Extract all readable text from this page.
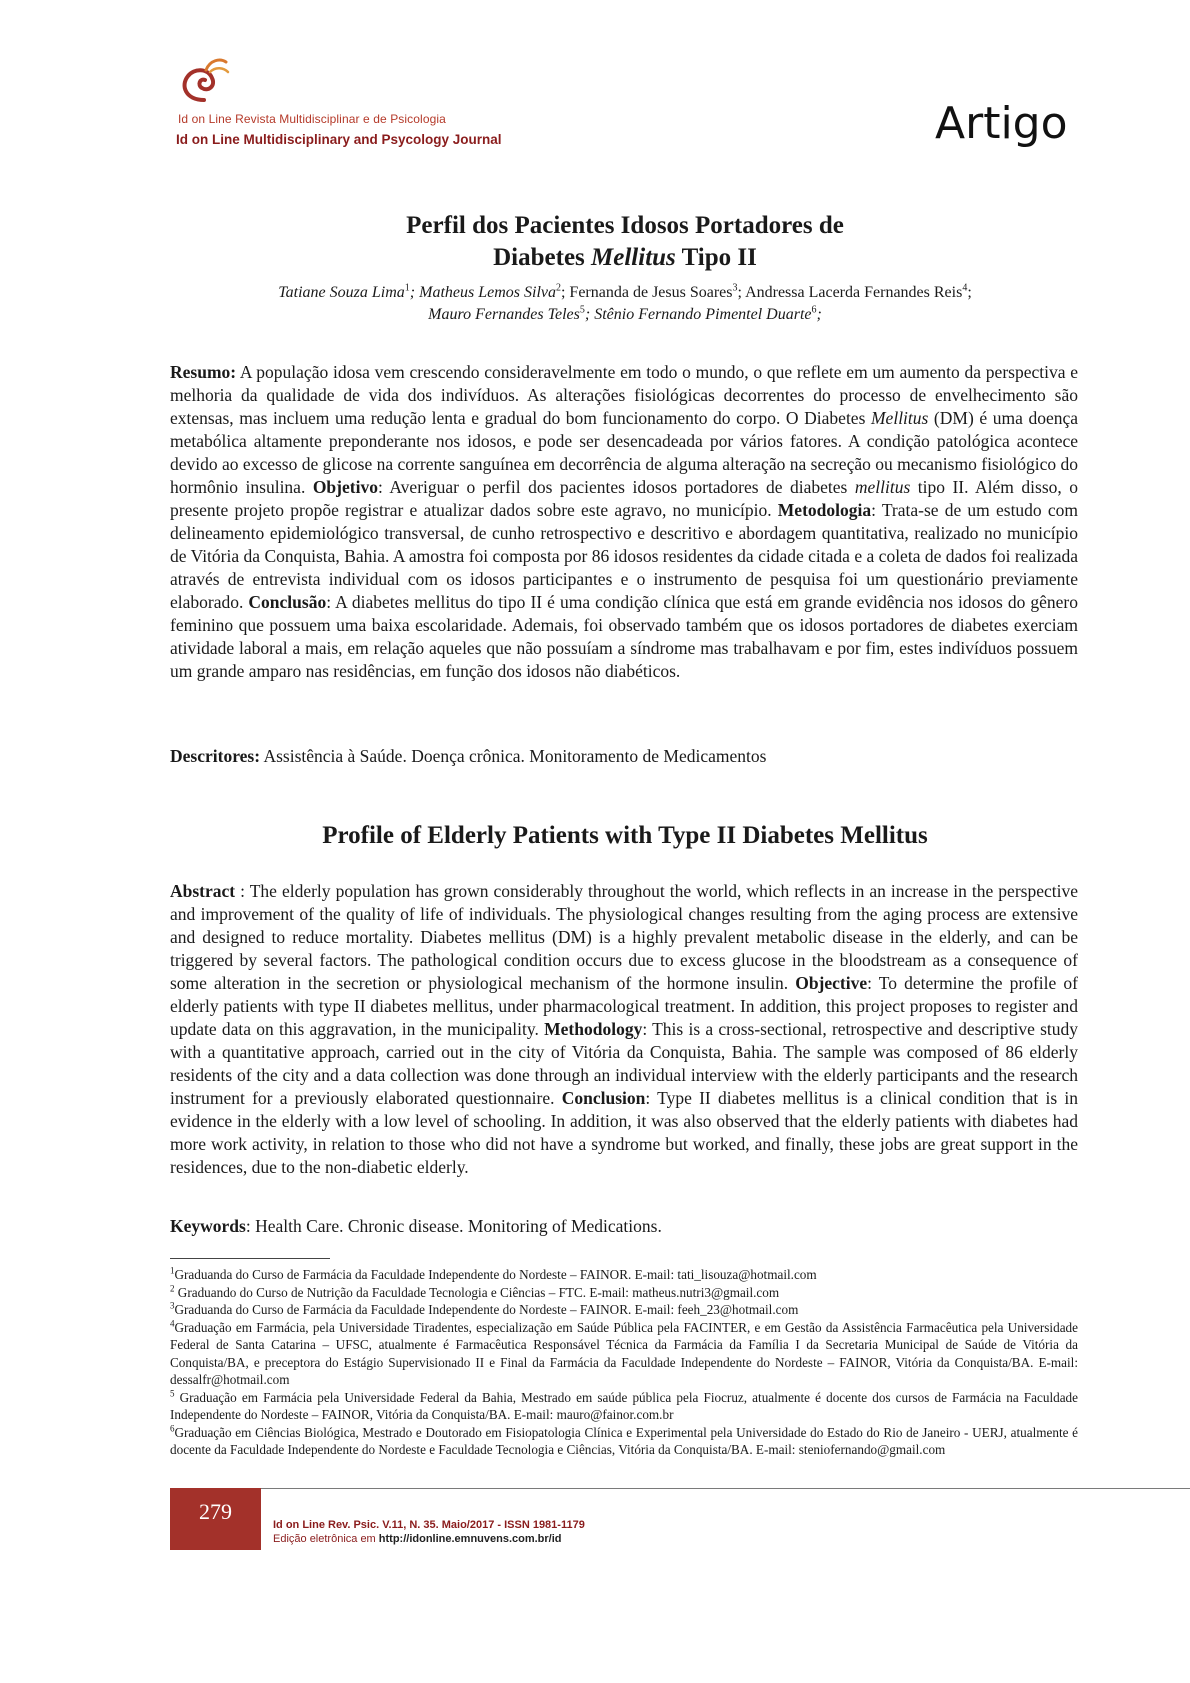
Id on Line Revista Multidisciplinar e de Psicologia
Id on Line Multidisciplinary and Psycology Journal	Artigo
Perfil dos Pacientes Idosos Portadores de
Diabetes Mellitus Tipo II
Tatiane Souza Lima$^1$; Matheus Lemos Silva$^2$; Fernanda de Jesus Soares$^3$; Andressa Lacerda Fernandes Reis$^4$;
Mauro Fernandes Teles$^5$; Stênio Fernando Pimentel Duarte$^6$;
Resumo: A população idosa vem crescendo consideravelmente em todo o mundo, o que reflete em um aumento da perspectiva e melhoria da qualidade de vida dos indivíduos. As alterações fisiológicas decorrentes do processo de envelhecimento são extensas, mas incluem uma redução lenta e gradual do bom funcionamento do corpo. O Diabetes Mellitus (DM) é uma doença metabólica altamente preponderante nos idosos, e pode ser desencadeada por vários fatores. A condição patológica acontece devido ao excesso de glicose na corrente sanguínea em decorrência de alguma alteração na secreção ou mecanismo fisiológico do hormônio insulina. Objetivo: Averiguar o perfil dos pacientes idosos portadores de diabetes mellitus tipo II. Além disso, o presente projeto propõe registrar e atualizar dados sobre este agravo, no município. Metodologia: Trata-se de um estudo com delineamento epidemiológico transversal, de cunho retrospectivo e descritivo e abordagem quantitativa, realizado no município de Vitória da Conquista, Bahia. A amostra foi composta por 86 idosos residentes da cidade citada e a coleta de dados foi realizada através de entrevista individual com os idosos participantes e o instrumento de pesquisa foi um questionário previamente elaborado. Conclusão: A diabetes mellitus do tipo II é uma condição clínica que está em grande evidência nos idosos do gênero feminino que possuem uma baixa escolaridade. Ademais, foi observado também que os idosos portadores de diabetes exerciam atividade laboral a mais, em relação aqueles que não possuíam a síndrome mas trabalhavam e por fim, estes indivíduos possuem um grande amparo nas residências, em função dos idosos não diabéticos.
Descritores: Assistência à Saúde. Doença crônica. Monitoramento de Medicamentos
Profile of Elderly Patients with Type II Diabetes Mellitus
Abstract : The elderly population has grown considerably throughout the world, which reflects in an increase in the perspective and improvement of the quality of life of individuals. The physiological changes resulting from the aging process are extensive and designed to reduce mortality. Diabetes mellitus (DM) is a highly prevalent metabolic disease in the elderly, and can be triggered by several factors. The pathological condition occurs due to excess glucose in the bloodstream as a consequence of some alteration in the secretion or physiological mechanism of the hormone insulin. Objective: To determine the profile of elderly patients with type II diabetes mellitus, under pharmacological treatment. In addition, this project proposes to register and update data on this aggravation, in the municipality. Methodology: This is a cross-sectional, retrospective and descriptive study with a quantitative approach, carried out in the city of Vitória da Conquista, Bahia. The sample was composed of 86 elderly residents of the city and a data collection was done through an individual interview with the elderly participants and the research instrument for a previously elaborated questionnaire. Conclusion: Type II diabetes mellitus is a clinical condition that is in evidence in the elderly with a low level of schooling. In addition, it was also observed that the elderly patients with diabetes had more work activity, in relation to those who did not have a syndrome but worked, and finally, these jobs are great support in the residences, due to the non-diabetic elderly.
Keywords: Health Care. Chronic disease. Monitoring of Medications.

$^1$Graduanda do Curso de Farmácia da Faculdade Independente do Nordeste – FAINOR. E-mail: tati_lisouza@hotmail.com

$^2$ Graduando do Curso de Nutrição da Faculdade Tecnologia e Ciências – FTC. E-mail: matheus.nutri3@gmail.com

$^3$Graduanda do Curso de Farmácia da Faculdade Independente do Nordeste – FAINOR. E-mail: feeh_23@hotmail.com

$^4$Graduação em Farmácia, pela Universidade Tiradentes, especialização em Saúde Pública pela FACINTER, e em Gestão da Assistência Farmacêutica pela Universidade Federal de Santa Catarina – UFSC, atualmente é Farmacêutica Responsável Técnica da Farmácia da Família I da Secretaria Municipal de Saúde de Vitória da Conquista/BA, e preceptora do Estágio Supervisionado II e Final da Farmácia da Faculdade Independente do Nordeste – FAINOR, Vitória da Conquista/BA. E-mail: dessalfr@hotmail.com

$^5$ Graduação em Farmácia pela Universidade Federal da Bahia, Mestrado em saúde pública pela Fiocruz, atualmente é docente dos cursos de Farmácia na Faculdade Independente do Nordeste – FAINOR, Vitória da Conquista/BA. E-mail: mauro@fainor.com.br

$^6$Graduação em Ciências Biológica, Mestrado e Doutorado em Fisiopatologia Clínica e Experimental pela Universidade do Estado do Rio de Janeiro - UERJ, atualmente é docente da Faculdade Independente do Nordeste e Faculdade Tecnologia e Ciências, Vitória da Conquista/BA. E-mail: steniofernando@gmail.com

279
Id on Line Rev. Psic. V.11, N. 35. Maio/2017 - ISSN 1981-1179
Edição eletrônica em http://idonline.emnuvens.com.br/id
